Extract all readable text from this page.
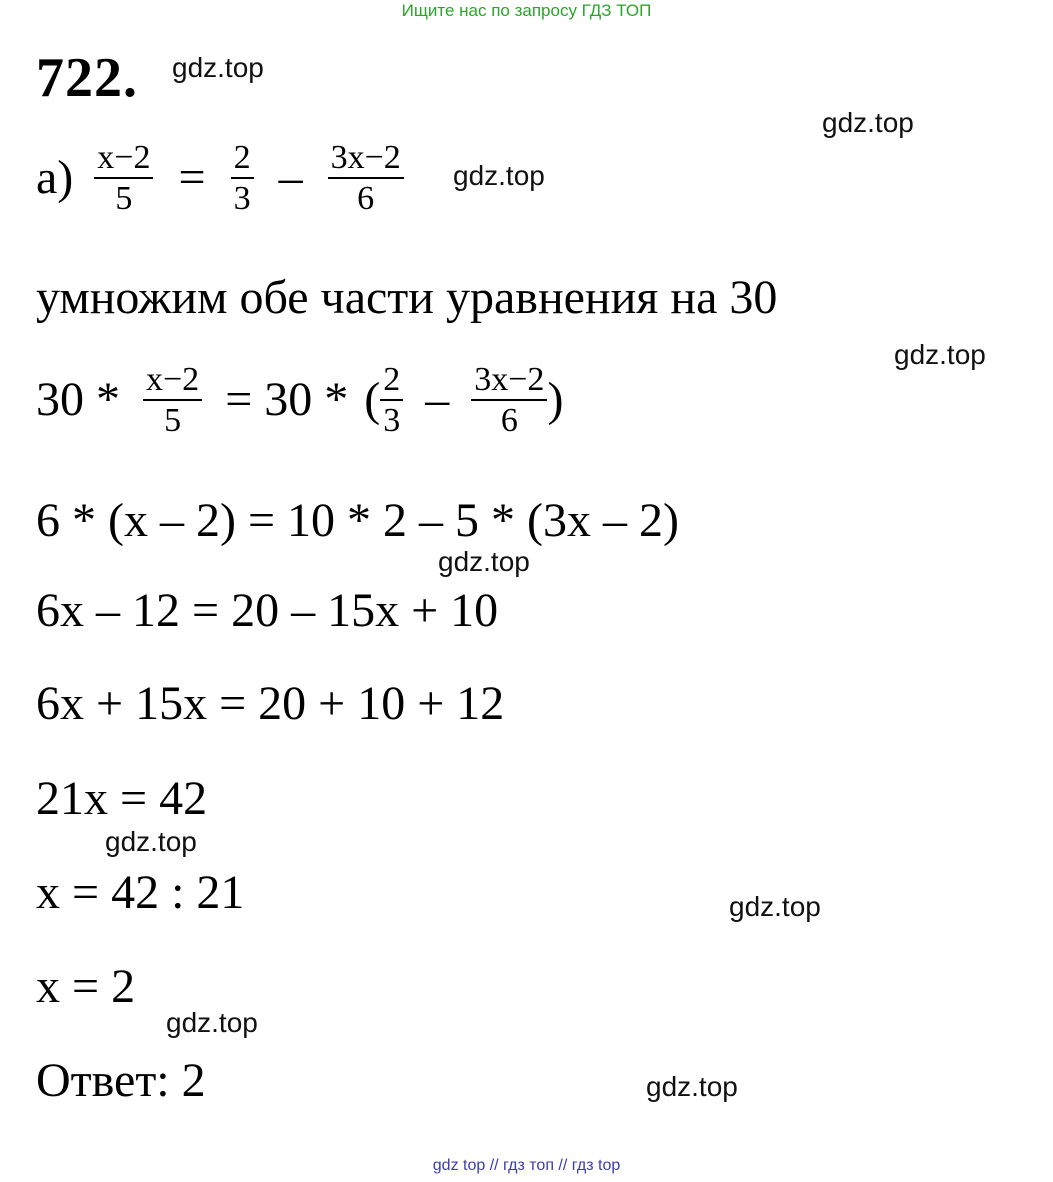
Ищите нас по запросу ГДЗ ТОП
722. gdz.top
gdz.top
gdz.top
gdz.top
gdz.top
gdz.top
gdz.top
gdz.top
gdz.top
$а) \frac{x-2}{5} = \frac{2}{3} - \frac{3x-2}{6}$
умножим обе части уравнения на 30
$30 * \frac{x-2}{5} = 30$ * ( $\frac{2}{3} - \frac{3x-2}{6}$ )
6 * (x – 2) = 10 * 2 – 5 * (3x – 2)
6x – 12 = 20 – 15x + 10
6x + 15x = 20 + 10 + 12
21x = 42
x = 42 : 21
x = 2
Ответ: 2
gdz top // гдз топ // гдз top
